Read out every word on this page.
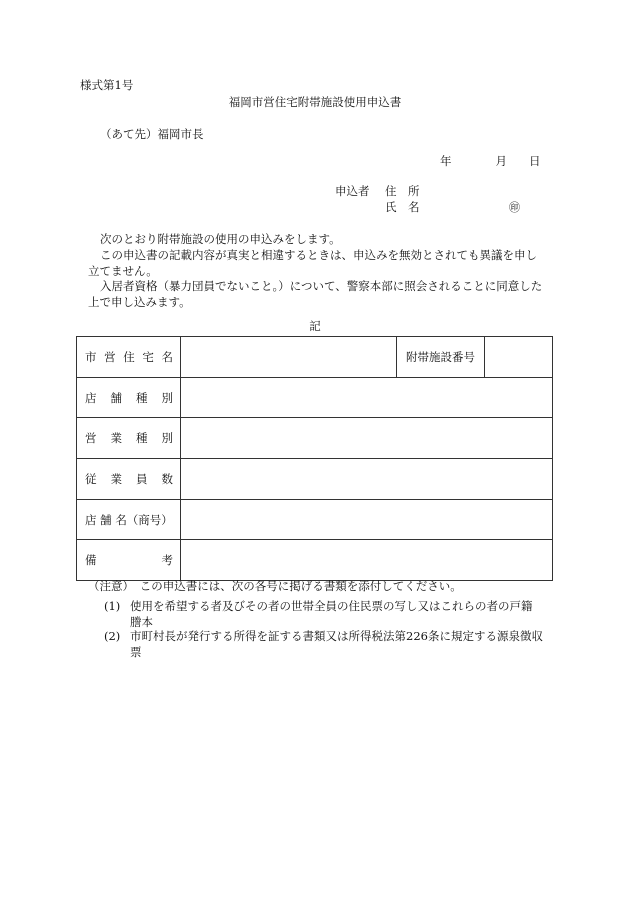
様式第1号
福岡市営住宅附帯施設使用申込書
（あて先）福岡市長
年	月 日
申込者 住　所
氏　名	㊞
次のとおり附帯施設の使用の申込みをします。
この申込書の記載内容が真実と相違するときは、申込みを無効とされても異議を申し
立てません。
入居者資格（暴力団員でないこと。）について、警察本部に照会されることに同意した
上で申し込みます。
記
市 営 住 宅 名		附帯施設番号	

店 舗 種 別			

営 業 種 別			

従 業 員 数			

店 舗 名（商号）			

備 考			

（注意）　この申込書には、次の各号に掲げる書類を添付してください。
(1) 使用を希望する者及びその者の世帯全員の住民票の写し又はこれらの者の戸籍
謄本
(2) 市町村長が発行する所得を証する書類又は所得税法第226条に規定する源泉徴収
票
